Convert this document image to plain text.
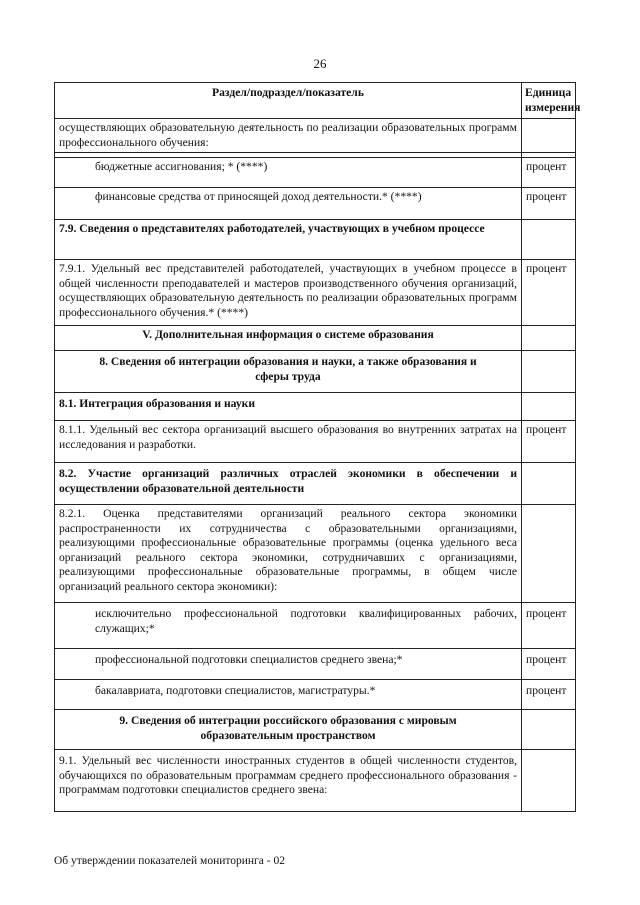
26
Раздел/подраздел/показатель	Единица измерения

осуществляющих образовательную деятельность по реализации образовательных программ профессионального обучения:	

бюджетные ассигнования; * (****)	процент

финансовые средства от приносящей доход деятельности.* (****)	процент

7.9. Сведения о представителях работодателей, участвующих в учебном процессе	

7.9.1. Удельный вес представителей работодателей, участвующих в учебном процессе в общей численности преподавателей и мастеров производственного обучения организаций, осуществляющих образовательную деятельность по реализации образовательных программ профессионального обучения.* (****)	процент

V. Дополнительная информация о системе образования	

8. Сведения об интеграции образования и науки, а также образования и сферы труда	

8.1. Интеграция образования и науки	

8.1.1. Удельный вес сектора организаций высшего образования во внутренних затратах на исследования и разработки.	процент

8.2. Участие организаций различных отраслей экономики в обеспечении и осуществлении образовательной деятельности	

8.2.1. Оценка представителями организаций реального сектора экономики распространенности их сотрудничества с образовательными организациями, реализующими профессиональные образовательные программы (оценка удельного веса организаций реального сектора экономики, сотрудничавших с организациями, реализующими профессиональные образовательные программы, в общем числе организаций реального сектора экономики):	

исключительно профессиональной подготовки квалифицированных рабочих, служащих;*	процент

профессиональной подготовки специалистов среднего звена;*	процент

бакалавриата, подготовки специалистов, магистратуры.*	процент

9. Сведения об интеграции российского образования с мировым образовательным пространством	

9.1. Удельный вес численности иностранных студентов в общей численности студентов, обучающихся по образовательным программам среднего профессионального образования - программам подготовки специалистов среднего звена:	

Об утверждении показателей мониторинга - 02
